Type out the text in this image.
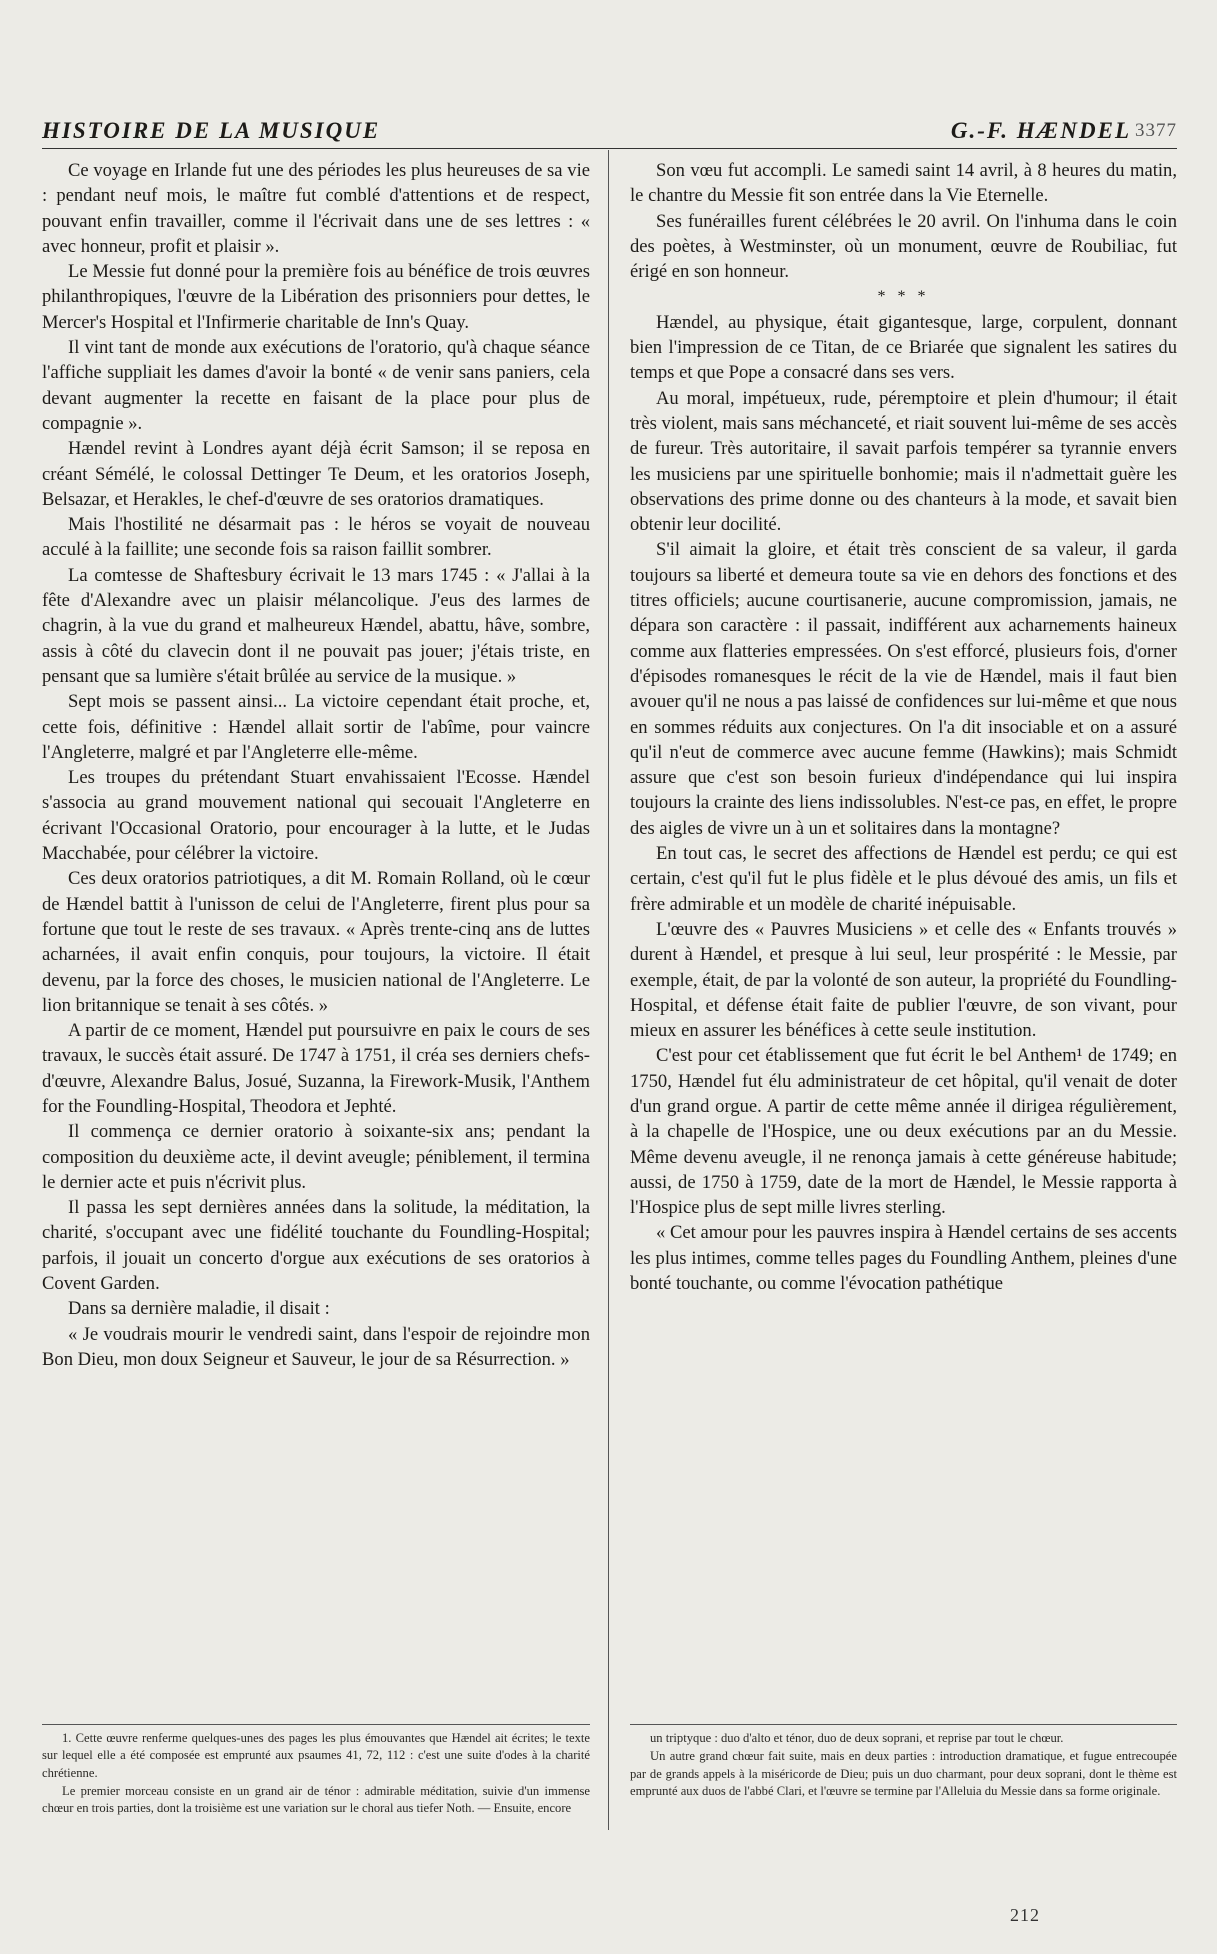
HISTOIRE DE LA MUSIQUE	G.-F. HÆNDEL 3377

Ce voyage en Irlande fut une des périodes les plus heureuses de sa vie : pendant neuf mois, le maître fut comblé d'attentions et de respect, pouvant enfin travailler, comme il l'écrivait dans une de ses lettres : « avec honneur, profit et plaisir ».

Le Messie fut donné pour la première fois au bénéfice de trois œuvres philanthropiques, l'œuvre de la Libération des prisonniers pour dettes, le Mercer's Hospital et l'Infirmerie charitable de Inn's Quay.

Il vint tant de monde aux exécutions de l'oratorio, qu'à chaque séance l'affiche suppliait les dames d'avoir la bonté « de venir sans paniers, cela devant augmenter la recette en faisant de la place pour plus de compagnie ».

Hændel revint à Londres ayant déjà écrit Samson; il se reposa en créant Sémélé, le colossal Dettinger Te Deum, et les oratorios Joseph, Belsazar, et Herakles, le chef-d'œuvre de ses oratorios dramatiques.

Mais l'hostilité ne désarmait pas : le héros se voyait de nouveau acculé à la faillite; une seconde fois sa raison faillit sombrer.

La comtesse de Shaftesbury écrivait le 13 mars 1745 : « J'allai à la fête d'Alexandre avec un plaisir mélancolique. J'eus des larmes de chagrin, à la vue du grand et malheureux Hændel, abattu, hâve, sombre, assis à côté du clavecin dont il ne pouvait pas jouer; j'étais triste, en pensant que sa lumière s'était brûlée au service de la musique. »

Sept mois se passent ainsi... La victoire cependant était proche, et, cette fois, définitive : Hændel allait sortir de l'abîme, pour vaincre l'Angleterre, malgré et par l'Angleterre elle-même.

Les troupes du prétendant Stuart envahissaient l'Ecosse. Hændel s'associa au grand mouvement national qui secouait l'Angleterre en écrivant l'Occasional Oratorio, pour encourager à la lutte, et le Judas Macchabée, pour célébrer la victoire.

Ces deux oratorios patriotiques, a dit M. Romain Rolland, où le cœur de Hændel battit à l'unisson de celui de l'Angleterre, firent plus pour sa fortune que tout le reste de ses travaux. « Après trente-cinq ans de luttes acharnées, il avait enfin conquis, pour toujours, la victoire. Il était devenu, par la force des choses, le musicien national de l'Angleterre. Le lion britannique se tenait à ses côtés. »

A partir de ce moment, Hændel put poursuivre en paix le cours de ses travaux, le succès était assuré. De 1747 à 1751, il créa ses derniers chefs-d'œuvre, Alexandre Balus, Josué, Suzanna, la Firework-Musik, l'Anthem for the Foundling-Hospital, Theodora et Jephté.

Il commença ce dernier oratorio à soixante-six ans; pendant la composition du deuxième acte, il devint aveugle; péniblement, il termina le dernier acte et puis n'écrivit plus.

Il passa les sept dernières années dans la solitude, la méditation, la charité, s'occupant avec une fidélité touchante du Foundling-Hospital; parfois, il jouait un concerto d'orgue aux exécutions de ses oratorios à Covent Garden.

Dans sa dernière maladie, il disait :

« Je voudrais mourir le vendredi saint, dans l'espoir de rejoindre mon Bon Dieu, mon doux Seigneur et Sauveur, le jour de sa Résurrection. »

Son vœu fut accompli. Le samedi saint 14 avril, à 8 heures du matin, le chantre du Messie fit son entrée dans la Vie Eternelle.

Ses funérailles furent célébrées le 20 avril. On l'inhuma dans le coin des poètes, à Westminster, où un monument, œuvre de Roubiliac, fut érigé en son honneur.

* * *

Hændel, au physique, était gigantesque, large, corpulent, donnant bien l'impression de ce Titan, de ce Briarée que signalent les satires du temps et que Pope a consacré dans ses vers.

Au moral, impétueux, rude, péremptoire et plein d'humour; il était très violent, mais sans méchanceté, et riait souvent lui-même de ses accès de fureur. Très autoritaire, il savait parfois tempérer sa tyrannie envers les musiciens par une spirituelle bonhomie; mais il n'admettait guère les observations des prime donne ou des chanteurs à la mode, et savait bien obtenir leur docilité.

S'il aimait la gloire, et était très conscient de sa valeur, il garda toujours sa liberté et demeura toute sa vie en dehors des fonctions et des titres officiels; aucune courtisanerie, aucune compromission, jamais, ne dépara son caractère : il passait, indifférent aux acharnements haineux comme aux flatteries empressées. On s'est efforcé, plusieurs fois, d'orner d'épisodes romanesques le récit de la vie de Hændel, mais il faut bien avouer qu'il ne nous a pas laissé de confidences sur lui-même et que nous en sommes réduits aux conjectures. On l'a dit insociable et on a assuré qu'il n'eut de commerce avec aucune femme (Hawkins); mais Schmidt assure que c'est son besoin furieux d'indépendance qui lui inspira toujours la crainte des liens indissolubles. N'est-ce pas, en effet, le propre des aigles de vivre un à un et solitaires dans la montagne?

En tout cas, le secret des affections de Hændel est perdu; ce qui est certain, c'est qu'il fut le plus fidèle et le plus dévoué des amis, un fils et frère admirable et un modèle de charité inépuisable.

L'œuvre des « Pauvres Musiciens » et celle des « Enfants trouvés » durent à Hændel, et presque à lui seul, leur prospérité : le Messie, par exemple, était, de par la volonté de son auteur, la propriété du Foundling-Hospital, et défense était faite de publier l'œuvre, de son vivant, pour mieux en assurer les bénéfices à cette seule institution.

C'est pour cet établissement que fut écrit le bel Anthem¹ de 1749; en 1750, Hændel fut élu administrateur de cet hôpital, qu'il venait de doter d'un grand orgue. A partir de cette même année il dirigea régulièrement, à la chapelle de l'Hospice, une ou deux exécutions par an du Messie. Même devenu aveugle, il ne renonça jamais à cette généreuse habitude; aussi, de 1750 à 1759, date de la mort de Hændel, le Messie rapporta à l'Hospice plus de sept mille livres sterling.

« Cet amour pour les pauvres inspira à Hændel certains de ses accents les plus intimes, comme telles pages du Foundling Anthem, pleines d'une bonté touchante, ou comme l'évocation pathétique

1. Cette œuvre renferme quelques-unes des pages les plus émouvantes que Hændel ait écrites; le texte sur lequel elle a été composée est emprunté aux psaumes 41, 72, 112 : c'est une suite d'odes à la charité chrétienne.

Le premier morceau consiste en un grand air de ténor : admirable méditation, suivie d'un immense chœur en trois parties, dont la troisième est une variation sur le choral aus tiefer Noth. — Ensuite, encore

un triptyque : duo d'alto et ténor, duo de deux soprani, et reprise par tout le chœur.

Un autre grand chœur fait suite, mais en deux parties : introduction dramatique, et fugue entrecoupée par de grands appels à la miséricorde de Dieu; puis un duo charmant, pour deux soprani, dont le thème est emprunté aux duos de l'abbé Clari, et l'œuvre se termine par l'Alleluia du Messie dans sa forme originale.

212
